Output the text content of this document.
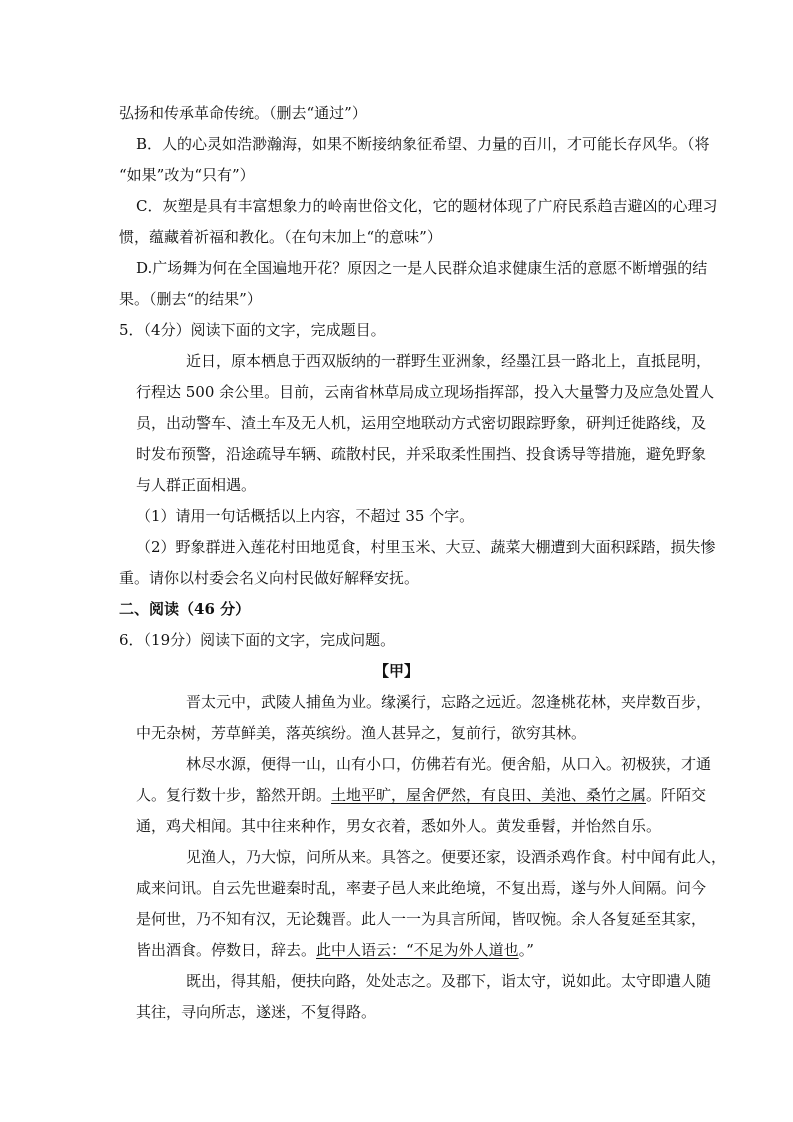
弘扬和传承革命传统。（删去“通过”）
B．人的心灵如浩渺瀚海，如果不断接纳象征希望、力量的百川，才可能长存风华。（将
“如果”改为“只有”）
C．灰塑是具有丰富想象力的岭南世俗文化，它的题材体现了广府民系趋吉避凶的心理习
惯，蕴藏着祈福和教化。（在句末加上“的意味”）
D.广场舞为何在全国遍地开花？原因之一是人民群众追求健康生活的意愿不断增强的结
果。（删去“的结果”）
5．（4分）阅读下面的文字，完成题目。
近日，原本栖息于西双版纳的一群野生亚洲象，经墨江县一路北上，直抵昆明，
行程达 500 余公里。目前，云南省林草局成立现场指挥部，投入大量警力及应急处置人
员，出动警车、渣土车及无人机，运用空地联动方式密切跟踪野象，研判迁徙路线，及
时发布预警，沿途疏导车辆、疏散村民，并采取柔性围挡、投食诱导等措施，避免野象
与人群正面相遇。
（1）请用一句话概括以上内容，不超过 35 个字。
（2）野象群进入莲花村田地觅食，村里玉米、大豆、蔬菜大棚遭到大面积踩踏，损失惨
重。请你以村委会名义向村民做好解释安抚。
二、阅读（46 分）
6．（19分）阅读下面的文字，完成问题。
【甲】
晋太元中，武陵人捕鱼为业。缘溪行，忘路之远近。忽逢桃花林，夹岸数百步，
中无杂树，芳草鲜美，落英缤纷。渔人甚异之，复前行，欲穷其林。
林尽水源，便得一山，山有小口，仿佛若有光。便舍船，从口入。初极狭，才通
人。复行数十步，豁然开朗。土地平旷，屋舍俨然，有良田、美池、桑竹之属。阡陌交
通，鸡犬相闻。其中往来种作，男女衣着，悉如外人。黄发垂髫，并怡然自乐。
见渔人，乃大惊，问所从来。具答之。便要还家，设酒杀鸡作食。村中闻有此人，
咸来问讯。自云先世避秦时乱，率妻子邑人来此绝境，不复出焉，遂与外人间隔。问今
是何世，乃不知有汉，无论魏晋。此人一一为具言所闻，皆叹惋。余人各复延至其家，
皆出酒食。停数日，辞去。此中人语云：“不足为外人道也。”
既出，得其船，便扶向路，处处志之。及郡下，诣太守，说如此。太守即遣人随
其往，寻向所志，遂迷，不复得路。
